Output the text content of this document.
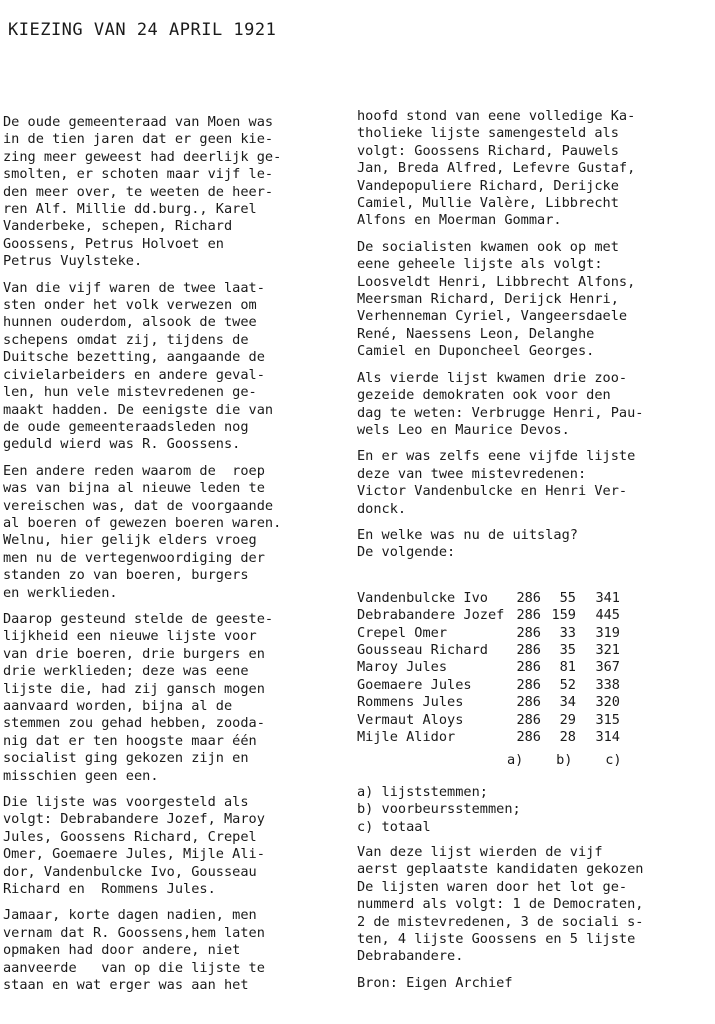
KIEZING VAN 24 APRIL 1921

De oude gemeenteraad van Moen was
in de tien jaren dat er geen kie-
zing meer geweest had deerlijk ge-
smolten, er schoten maar vijf le-
den meer over, te weeten de heer-
ren Alf. Millie dd.burg., Karel
Vanderbeke, schepen, Richard
Goossens, Petrus Holvoet en
Petrus Vuylsteke.

Van die vijf waren de twee laat-
sten onder het volk verwezen om
hunnen ouderdom, alsook de twee
schepens omdat zij, tijdens de
Duitsche bezetting, aangaande de
civielarbeiders en andere geval-
len, hun vele mistevredenen ge-
maakt hadden. De eenigste die van
de oude gemeenteraadsleden nog
geduld wierd was R. Goossens.

Een andere reden waarom de  roep
was van bijna al nieuwe leden te
vereischen was, dat de voorgaande
al boeren of gewezen boeren waren.
Welnu, hier gelijk elders vroeg
men nu de vertegenwoordiging der
standen zo van boeren, burgers
en werklieden.

Daarop gesteund stelde de geeste-
lijkheid een nieuwe lijste voor
van drie boeren, drie burgers en
drie werklieden; deze was eene
lijste die, had zij gansch mogen
aanvaard worden, bijna al de
stemmen zou gehad hebben, zooda-
nig dat er ten hoogste maar één
socialist ging gekozen zijn en
misschien geen een.

Die lijste was voorgesteld als
volgt: Debrabandere Jozef, Maroy
Jules, Goossens Richard, Crepel
Omer, Goemaere Jules, Mijle Ali-
dor, Vandenbulcke Ivo, Gousseau
Richard en  Rommens Jules.

Jamaar, korte dagen nadien, men
vernam dat R. Goossens,hem laten
opmaken had door andere, niet
aanveerde   van op die lijste te
staan en wat erger was aan het

hoofd stond van eene volledige Ka-
tholieke lijste samengesteld als
volgt: Goossens Richard, Pauwels
Jan, Breda Alfred, Lefevre Gustaf,
Vandepopuliere Richard, Derijcke
Camiel, Mullie Valère, Libbrecht
Alfons en Moerman Gommar.

De socialisten kwamen ook op met
eene geheele lijste als volgt:
Loosveldt Henri, Libbrecht Alfons,
Meersman Richard, Derijck Henri,
Verhenneman Cyriel, Vangeersdaele
René, Naessens Leon, Delanghe
Camiel en Duponcheel Georges.

Als vierde lijst kwamen drie zoo-
gezeide demokraten ook voor den
dag te weten: Verbrugge Henri, Pau-
wels Leo en Maurice Devos.

En er was zelfs eene vijfde lijste
deze van twee mistevredenen:
Victor Vandenbulcke en Henri Ver-
donck.

En welke was nu de uitslag?
De volgende:

Vandenbulcke Ivo	286	55	341
Debrabandere Jozef	286	159	445
Crepel Omer	286	33	319
Gousseau Richard	286	35	321
Maroy Jules	286	81	367
Goemaere Jules	286	52	338
Rommens Jules	286	34	320
Vermaut Aloys	286	29	315
Mijle Alidor	286	28	314
a)    b)    c)
a) lijststemmen;
b) voorbeursstemmen;
c) totaal

Van deze lijst wierden de vijf
aerst geplaatste kandidaten gekozen
De lijsten waren door het lot ge-
nummerd als volgt: 1 de Democraten,
2 de mistevredenen, 3 de sociali s-
ten, 4 lijste Goossens en 5 lijste
Debrabandere.

Bron: Eigen Archief
